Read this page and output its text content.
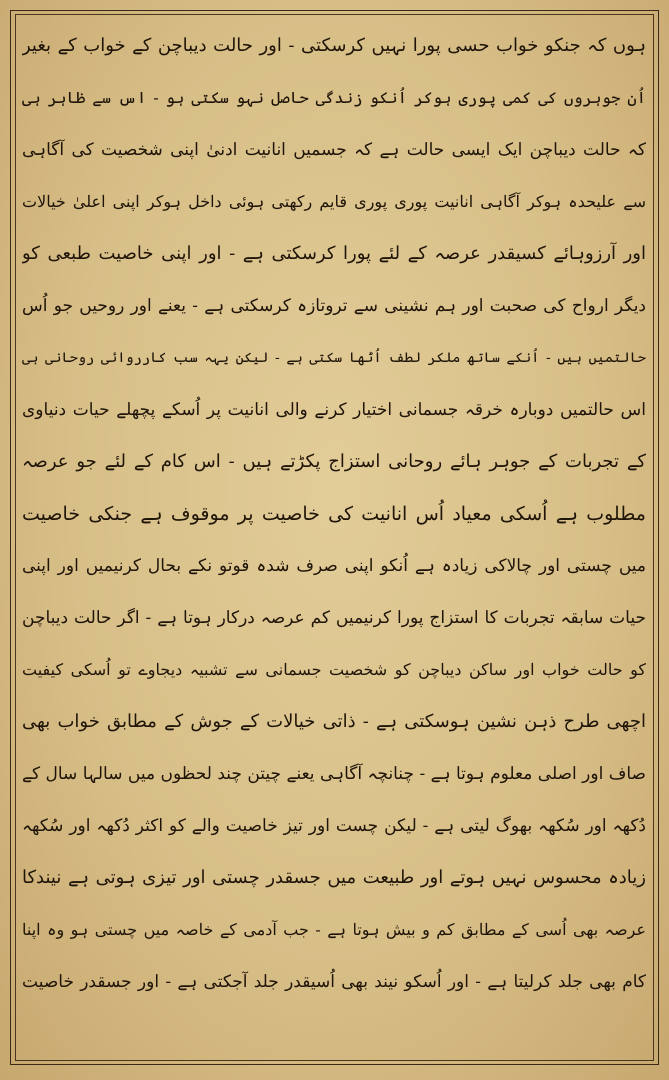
ہوں کہ جنکو خواب حسی پورا نہیں کرسکتی - اور حالت دیباچن کے خواب کے بغیر
اُن جوہروں کی کمی پوری ہوکر اُنکو زندگی حاصل نہو سکتی ہو - اس سے ظاہر ہی
کہ حالت دیباچن ایک ایسی حالت ہے کہ جسمیں انانیت ادنیٰ اپنی شخصیت کی آگاہی
سے علیحدہ ہوکر آگاہی انانیت پوری پوری قایم رکھتی ہوئی داخل ہوکر اپنی اعلیٰ خیالات
اور آرزوہائے کسیقدر عرصہ کے لئے پورا کرسکتی ہے - اور اپنی خاصیت طبعی کو
دیگر ارواح کی صحبت اور ہم نشینی سے تروتازہ کرسکتی ہے - یعنے اور روحیں جو اُس
حالتمیں ہیں - اُنکے ساتھ ملکر لطف اُٹھا سکتی ہے - لیکن یہہ سب کارروائی روحانی ہی
اس حالتمیں دوبارہ خرقہ جسمانی اختیار کرنے والی انانیت پر اُسکے پچھلے حیات دنیاوی
کے تجربات کے جوہر ہائے روحانی استزاج پکڑتے ہیں - اس کام کے لئے جو عرصہ
مطلوب ہے اُسکی معیاد اُس انانیت کی خاصیت پر موقوف ہے جنکی خاصیت
میں چستی اور چالاکی زیادہ ہے اُنکو اپنی صرف شدہ قوتو نکے بحال کرنیمیں اور اپنی
حیات سابقہ تجربات کا استزاج پورا کرنیمیں کم عرصہ درکار ہوتا ہے - اگر حالت دیباچن
کو حالت خواب اور ساکن دیباچن کو شخصیت جسمانی سے تشبیہ دیجاوے تو اُسکی کیفیت
اچھی طرح ذہن نشین ہوسکتی ہے - ذاتی خیالات کے جوش کے مطابق خواب بھی
صاف اور اصلی معلوم ہوتا ہے - چنانچہ آگاہی یعنے چیتن چند لحظوں میں سالہا سال کے
دُکھہ اور سُکھہ بھوگ لیتی ہے - لیکن چست اور تیز خاصیت والے کو اکثر دُکھہ اور سُکھہ
زیادہ محسوس نہیں ہوتے اور طبیعت میں جسقدر چستی اور تیزی ہوتی ہے نیندکا
عرصہ بھی اُسی کے مطابق کم و بیش ہوتا ہے - جب آدمی کے خاصہ میں چستی ہو وہ اپنا
کام بھی جلد کرلیتا ہے - اور اُسکو نیند بھی اُسیقدر جلد آجکتی ہے - اور جسقدر خاصیت
